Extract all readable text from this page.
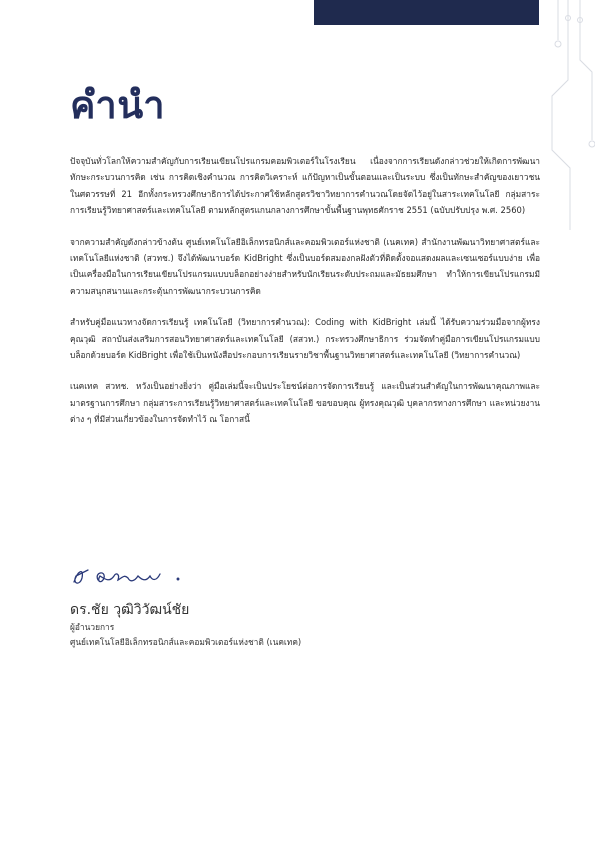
คำนำ

ปัจจุบันทั่วโลกให้ความสำคัญกับการเรียนเขียนโปรแกรมคอมพิวเตอร์ในโรงเรียน เนื่องจากการเรียนดังกล่าวช่วยให้เกิดการพัฒนาทักษะกระบวนการคิด เช่น การคิดเชิงคำนวณ การคิดวิเคราะห์ แก้ปัญหาเป็นขั้นตอนและเป็นระบบ ซึ่งเป็นทักษะสำคัญของเยาวชนในศตวรรษที่ 21 อีกทั้งกระทรวงศึกษาธิการได้ประกาศใช้หลักสูตรวิชาวิทยาการคำนวณโดยจัดไว้อยู่ในสาระเทคโนโลยี กลุ่มสาระการเรียนรู้วิทยาศาสตร์และเทคโนโลยี ตามหลักสูตรแกนกลางการศึกษาขั้นพื้นฐานพุทธศักราช 2551 (ฉบับปรับปรุง พ.ศ. 2560)

จากความสำคัญดังกล่าวข้างต้น ศูนย์เทคโนโลยีอิเล็กทรอนิกส์และคอมพิวเตอร์แห่งชาติ (เนคเทค) สำนักงานพัฒนาวิทยาศาสตร์และเทคโนโลยีแห่งชาติ (สวทช.) จึงได้พัฒนาบอร์ด KidBright ซึ่งเป็นบอร์ดสมองกลฝังตัวที่ติดตั้งจอแสดงผลและเซนเซอร์แบบง่าย เพื่อเป็นเครื่องมือในการเรียนเขียนโปรแกรมแบบบล็อกอย่างง่ายสำหรับนักเรียนระดับประถมและมัธยมศึกษา ทำให้การเขียนโปรแกรมมีความสนุกสนานและกระตุ้นการพัฒนากระบวนการคิด

สำหรับคู่มือแนวทางจัดการเรียนรู้ เทคโนโลยี (วิทยาการคำนวณ): Coding with KidBright เล่มนี้ ได้รับความร่วมมือจากผู้ทรงคุณวุฒิ สถาบันส่งเสริมการสอนวิทยาศาสตร์และเทคโนโลยี (สสวท.) กระทรวงศึกษาธิการ ร่วมจัดทำคู่มือการเขียนโปรแกรมแบบบล็อกด้วยบอร์ด KidBright เพื่อใช้เป็นหนังสือประกอบการเรียนรายวิชาพื้นฐานวิทยาศาสตร์และเทคโนโลยี (วิทยาการคำนวณ)

เนคเทค สวทช. หวังเป็นอย่างยิ่งว่า คู่มือเล่มนี้จะเป็นประโยชน์ต่อการจัดการเรียนรู้ และเป็นส่วนสำคัญในการพัฒนาคุณภาพและมาตรฐานการศึกษา กลุ่มสาระการเรียนรู้วิทยาศาสตร์และเทคโนโลยี ขอขอบคุณ ผู้ทรงคุณวุฒิ บุคลากรทางการศึกษา และหน่วยงานต่าง ๆ ที่มีส่วนเกี่ยวข้องในการจัดทำไว้ ณ โอกาสนี้

ดร.ชัย วุฒิวิวัฒน์ชัย
ผู้อำนวยการ
ศูนย์เทคโนโลยีอิเล็กทรอนิกส์และคอมพิวเตอร์แห่งชาติ (เนคเทค)
